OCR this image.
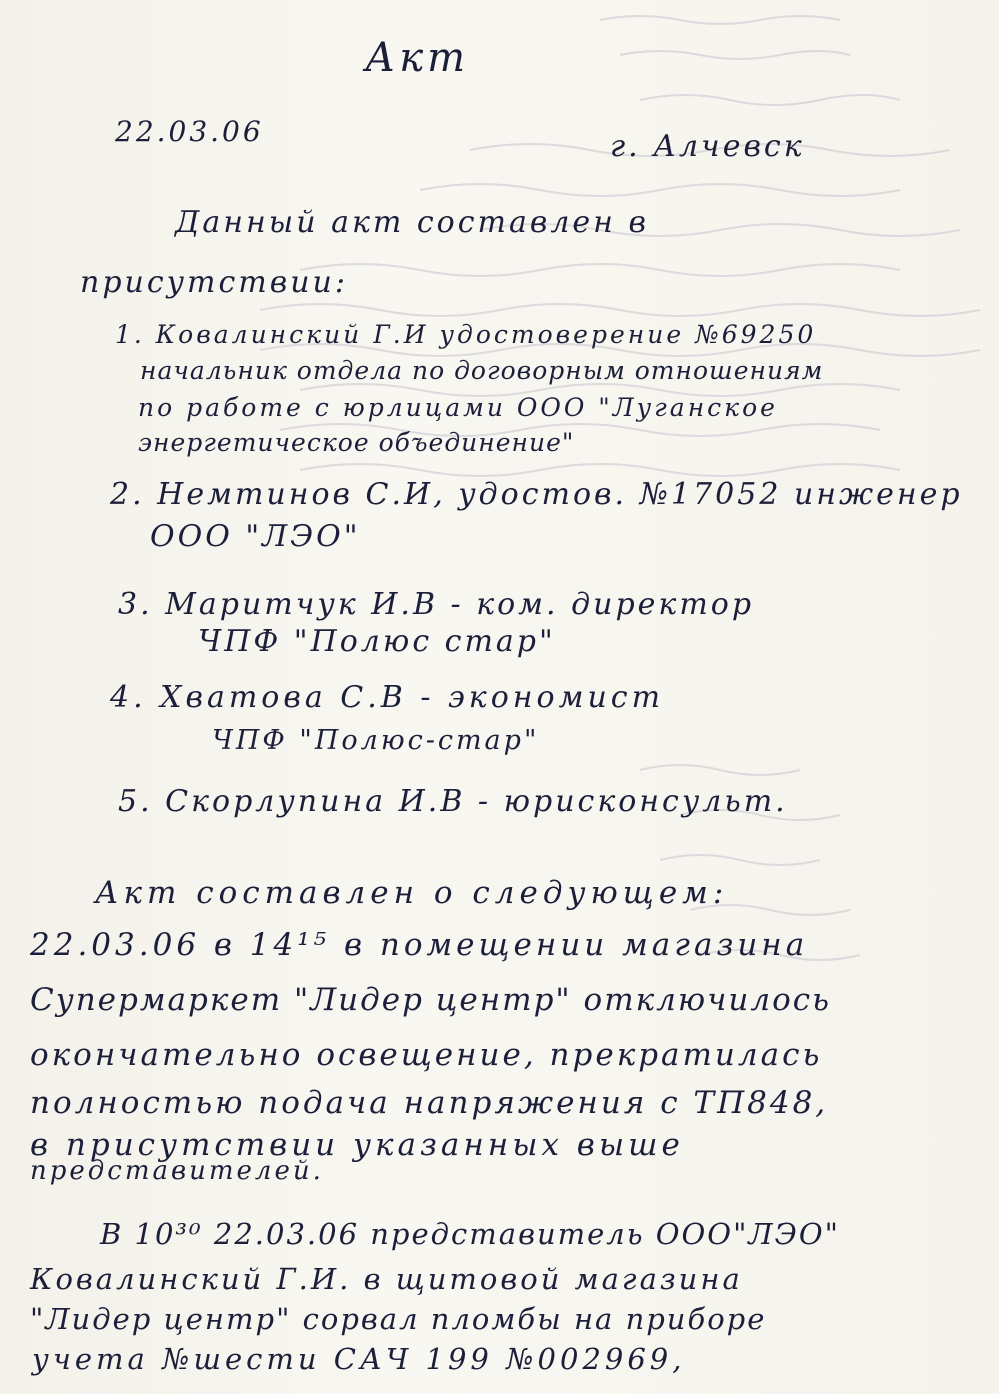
Акт
22.03.06	г. Алчевск
Данный акт составлен в
присутствии:
1. Ковалинский Г.И удостоверение №69250
начальник отдела по договорным отношениям
по работе с юрлицами ООО "Луганское
энергетическое объединение"
2. Немтинов С.И, удостов. №17052 инженер
ООО "ЛЭО"
3. Маритчук И.В - ком. директор
ЧПФ "Полюс стар"
4. Хватова С.В - экономист
ЧПФ "Полюс-стар"
5. Скорлупина И.В - юрисконсульт.
Акт составлен о следующем:
22.03.06 в 14¹⁵ в помещении магазина
Супермаркет "Лидер центр" отключилось
окончательно освещение, прекратилась
полностью подача напряжения с ТП848,
в присутствии указанных выше
представителей.
В 10³⁰ 22.03.06 представитель ООО"ЛЭО"
Ковалинский Г.И. в щитовой магазина
"Лидер центр" сорвал пломбы на приборе
учета №шести САЧ 199 №002969,
